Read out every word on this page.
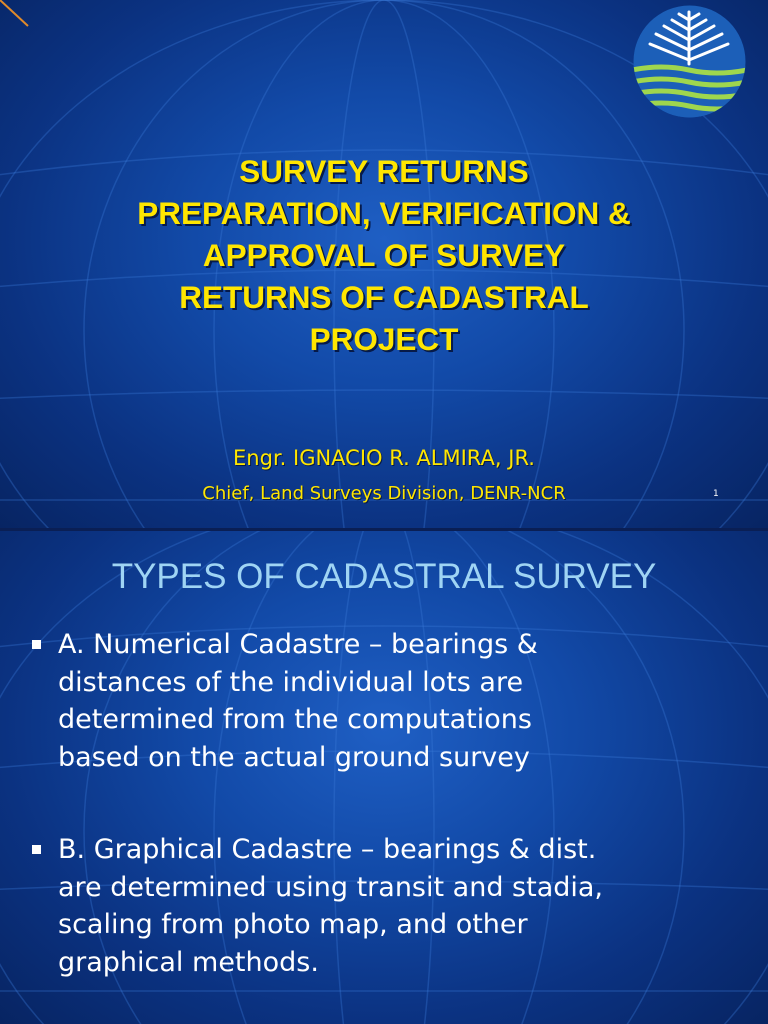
SURVEY RETURNS
PREPARATION, VERIFICATION &
APPROVAL OF SURVEY
RETURNS OF CADASTRAL
PROJECT
Engr. IGNACIO R. ALMIRA, JR.
Chief, Land Surveys Division, DENR-NCR	1
TYPES OF CADASTRAL SURVEY
A. Numerical Cadastre – bearings &
distances of the individual lots are
determined from the computations
based on the actual ground survey
B. Graphical Cadastre – bearings & dist.
are determined using transit and stadia,
scaling from photo map, and other
graphical methods.
